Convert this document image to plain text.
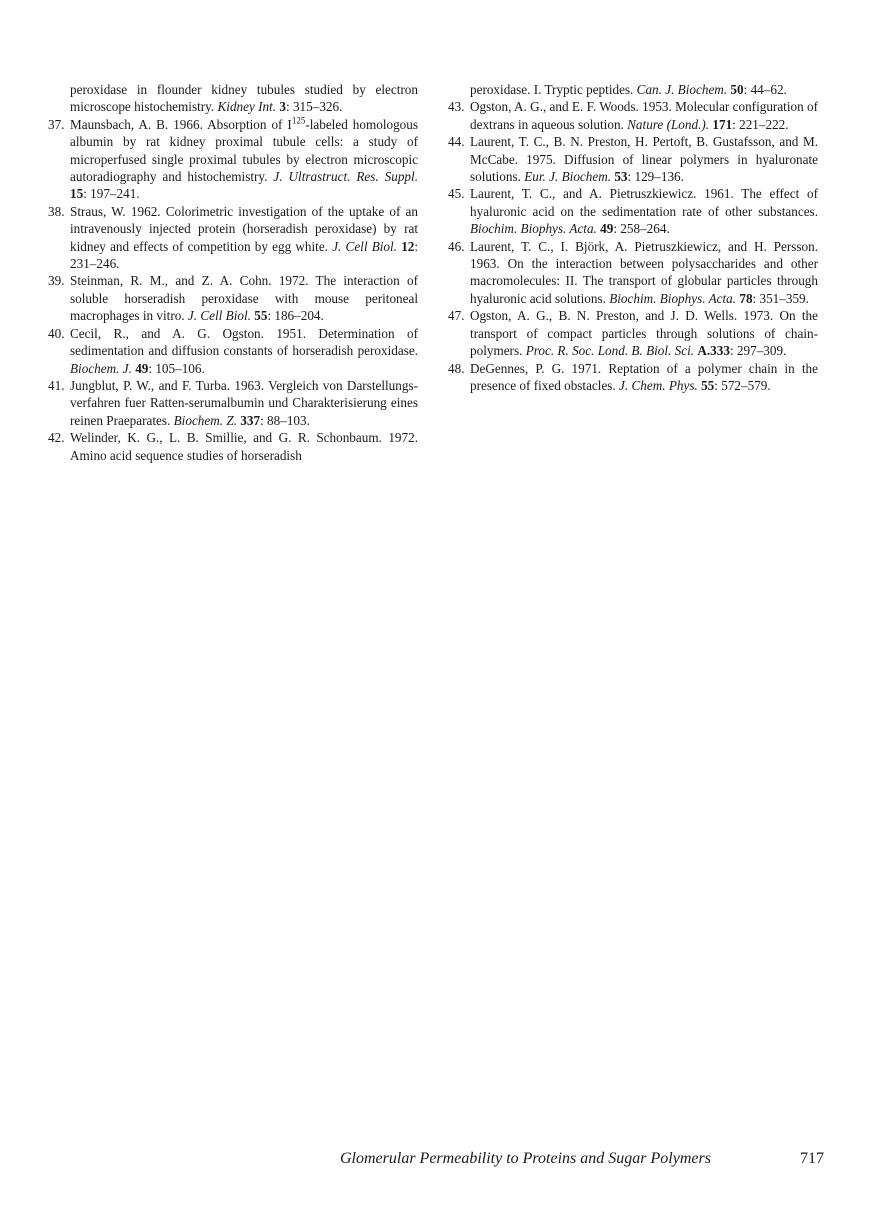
peroxidase in flounder kidney tubules studied by electron microscope histochemistry. Kidney Int. 3: 315–326.

37. Maunsbach, A. B. 1966. Absorption of $I^{125}$-labeled homologous albumin by rat kidney proximal tubule cells: a study of microperfused single proximal tubules by electron microscopic autoradiography and histochemistry. J. Ultrastruct. Res. Suppl. 15: 197–241.

38. Straus, W. 1962. Colorimetric investigation of the uptake of an intravenously injected protein (horseradish peroxidase) by rat kidney and effects of competition by egg white. J. Cell Biol. 12: 231–246.

39. Steinman, R. M., and Z. A. Cohn. 1972. The interaction of soluble horseradish peroxidase with mouse peritoneal macrophages in vitro. J. Cell Biol. 55: 186–204.

40. Cecil, R., and A. G. Ogston. 1951. Determination of sedimentation and diffusion constants of horseradish peroxidase. Biochem. J. 49: 105–106.

41. Jungblut, P. W., and F. Turba. 1963. Vergleich von Darstellungs-verfahren fuer Ratten-serumalbumin und Charakterisierung eines reinen Praeparates. Biochem. Z. 337: 88–103.

42. Welinder, K. G., L. B. Smillie, and G. R. Schonbaum. 1972. Amino acid sequence studies of horseradish

peroxidase. I. Tryptic peptides. Can. J. Biochem. 50: 44–62.

43. Ogston, A. G., and E. F. Woods. 1953. Molecular configuration of dextrans in aqueous solution. Nature (Lond.). 171: 221–222.

44. Laurent, T. C., B. N. Preston, H. Pertoft, B. Gustafsson, and M. McCabe. 1975. Diffusion of linear polymers in hyaluronate solutions. Eur. J. Biochem. 53: 129–136.

45. Laurent, T. C., and A. Pietruszkiewicz. 1961. The effect of hyaluronic acid on the sedimentation rate of other substances. Biochim. Biophys. Acta. 49: 258–264.

46. Laurent, T. C., I. Björk, A. Pietruszkiewicz, and H. Persson. 1963. On the interaction between polysaccharides and other macromolecules: II. The transport of globular particles through hyaluronic acid solutions. Biochim. Biophys. Acta. 78: 351–359.

47. Ogston, A. G., B. N. Preston, and J. D. Wells. 1973. On the transport of compact particles through solutions of chain-polymers. Proc. R. Soc. Lond. B. Biol. Sci. A.333: 297–309.

48. DeGennes, P. G. 1971. Reptation of a polymer chain in the presence of fixed obstacles. J. Chem. Phys. 55: 572–579.

Glomerular Permeability to Proteins and Sugar Polymers	717
